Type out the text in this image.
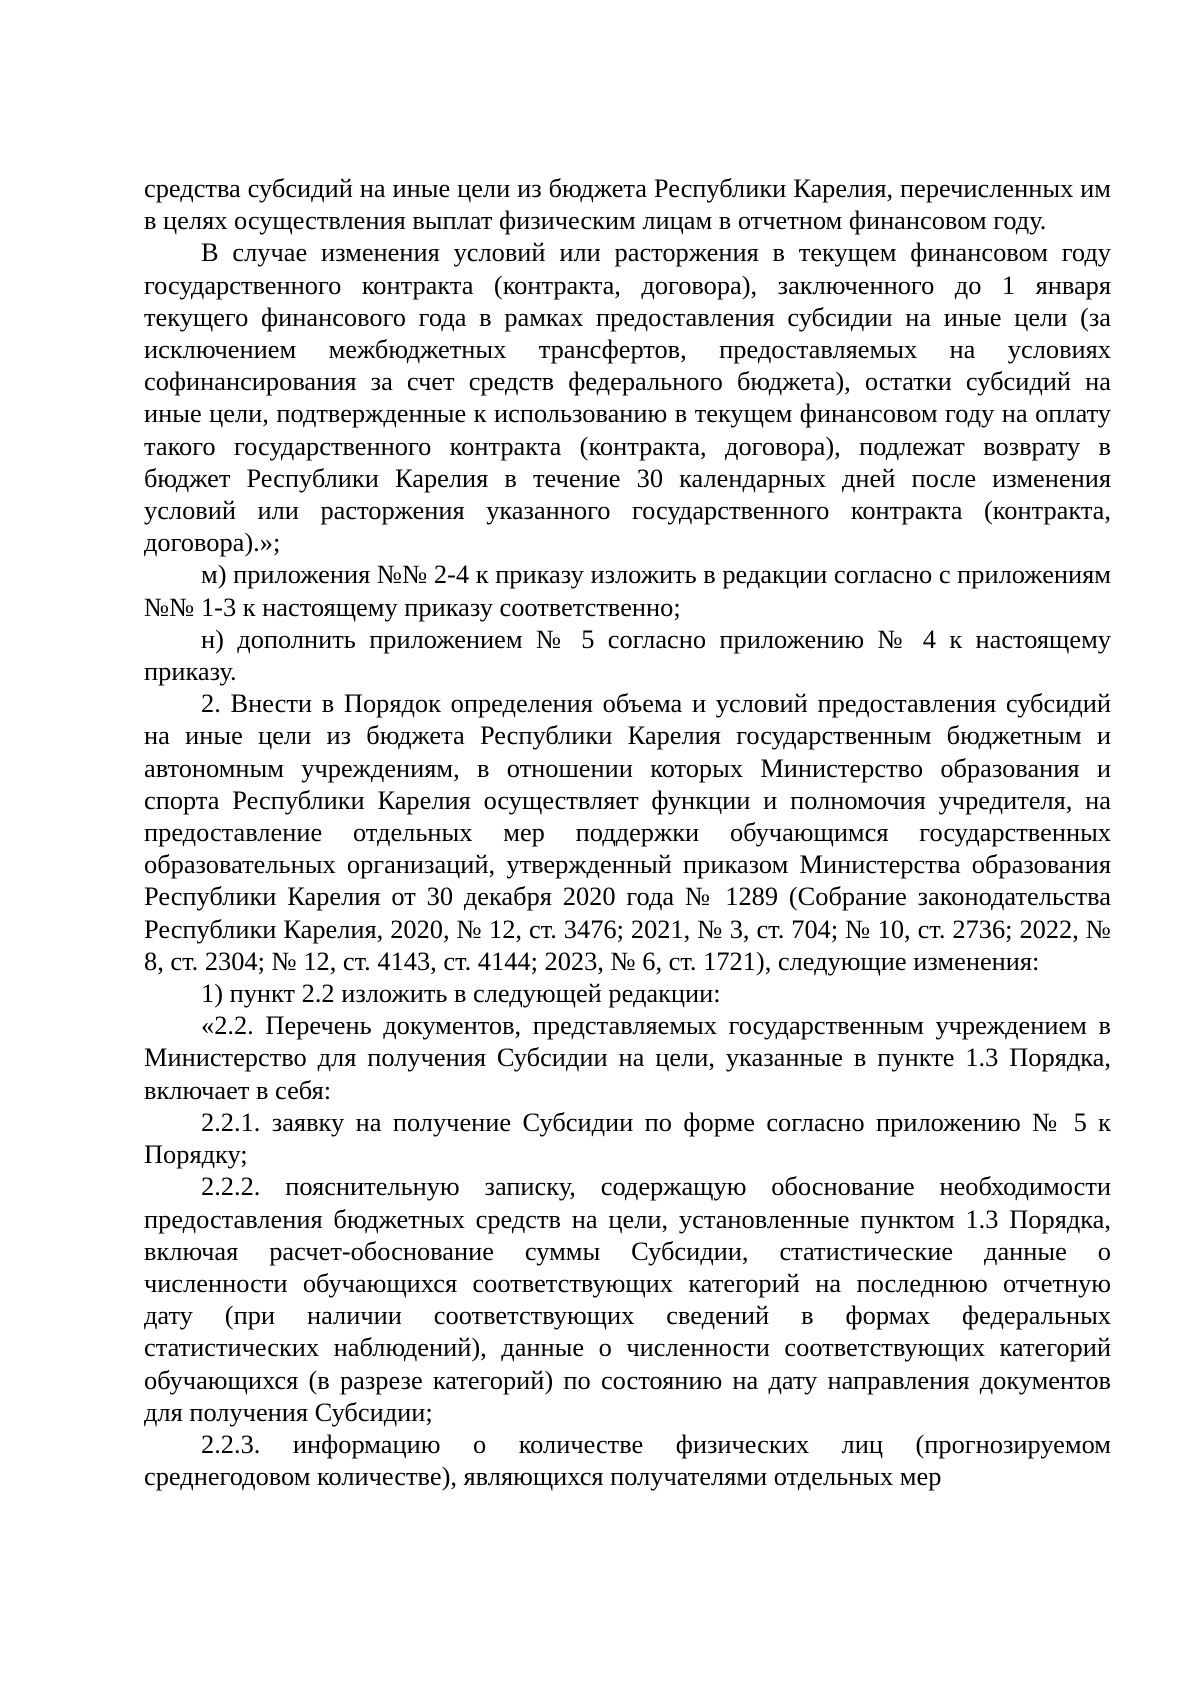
средства субсидий на иные цели из бюджета Республики Карелия, перечисленных им в целях осуществления выплат физическим лицам в отчетном финансовом году.

В случае изменения условий или расторжения в текущем финансовом году государственного контракта (контракта, договора), заключенного до 1 января текущего финансового года в рамках предоставления субсидии на иные цели (за исключением межбюджетных трансфертов, предоставляемых на условиях софинансирования за счет средств федерального бюджета), остатки субсидий на иные цели, подтвержденные к использованию в текущем финансовом году на оплату такого государственного контракта (контракта, договора), подлежат возврату в бюджет Республики Карелия в течение 30 календарных дней после изменения условий или расторжения указанного государственного контракта (контракта, договора).»;

м) приложения №№ 2-4 к приказу изложить в редакции согласно с приложениям №№ 1-3 к настоящему приказу соответственно;

н) дополнить приложением № 5 согласно приложению № 4 к настоящему приказу.

2. Внести в Порядок определения объема и условий предоставления субсидий на иные цели из бюджета Республики Карелия государственным бюджетным и автономным учреждениям, в отношении которых Министерство образования и спорта Республики Карелия осуществляет функции и полномочия учредителя, на предоставление отдельных мер поддержки обучающимся государственных образовательных организаций, утвержденный приказом Министерства образования Республики Карелия от 30 декабря 2020 года № 1289 (Собрание законодательства Республики Карелия, 2020, № 12, ст. 3476; 2021, № 3, ст. 704; № 10, ст. 2736; 2022, № 8, ст. 2304; № 12, ст. 4143, ст. 4144; 2023, № 6, ст. 1721), следующие изменения:

1) пункт 2.2 изложить в следующей редакции:

«2.2. Перечень документов, представляемых государственным учреждением в Министерство для получения Субсидии на цели, указанные в пункте 1.3 Порядка, включает в себя:

2.2.1. заявку на получение Субсидии по форме согласно приложению № 5 к Порядку;

2.2.2. пояснительную записку, содержащую обоснование необходимости предоставления бюджетных средств на цели, установленные пунктом 1.3 Порядка, включая расчет-обоснование суммы Субсидии, статистические данные о численности обучающихся соответствующих категорий на последнюю отчетную дату (при наличии соответствующих сведений в формах федеральных статистических наблюдений), данные о численности соответствующих категорий обучающихся (в разрезе категорий) по состоянию на дату направления документов для получения Субсидии;

2.2.3. информацию о количестве физических лиц (прогнозируемом среднегодовом количестве), являющихся получателями отдельных мер
